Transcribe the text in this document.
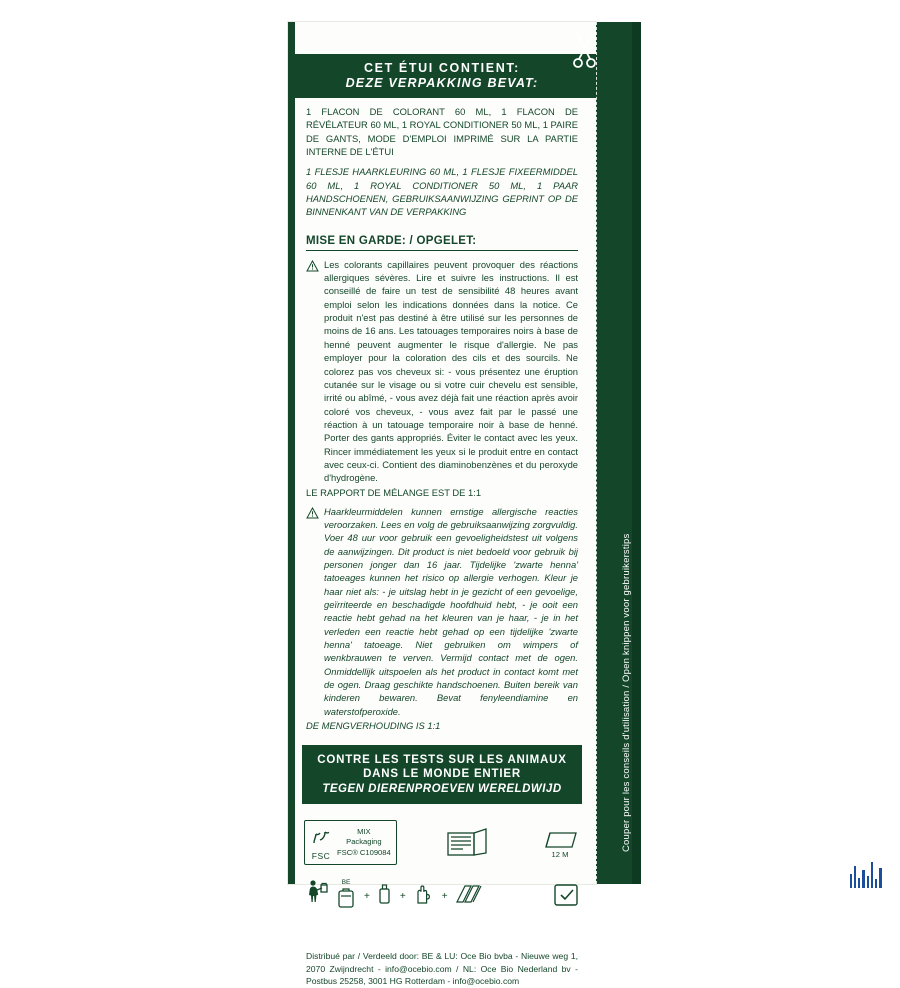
CET ÉTUI CONTIENT:
DEZE VERPAKKING BEVAT:
1 FLACON DE COLORANT 60 ML, 1 FLACON DE RÉVÉLATEUR 60 ML, 1 ROYAL CONDITIONER 50 ML, 1 PAIRE DE GANTS, MODE D'EMPLOI IMPRIMÉ SUR LA PARTIE INTERNE DE L'ÉTUI
1 FLESJE HAARKLEURING 60 ML, 1 FLESJE FIXEERMIDDEL 60 ML, 1 ROYAL CONDITIONER 50 ML, 1 PAAR HANDSCHOENEN, GEBRUIKSAANWIJZING GEPRINT OP DE BINNENKANT VAN DE VERPAKKING
MISE EN GARDE: / OPGELET:
Les colorants capillaires peuvent provoquer des réactions allergiques sévères. Lire et suivre les instructions. Il est conseillé de faire un test de sensibilité 48 heures avant emploi selon les indications données dans la notice. Ce produit n'est pas destiné à être utilisé sur les personnes de moins de 16 ans. Les tatouages temporaires noirs à base de henné peuvent augmenter le risque d'allergie. Ne pas employer pour la coloration des cils et des sourcils. Ne colorez pas vos cheveux si: - vous présentez une éruption cutanée sur le visage ou si votre cuir chevelu est sensible, irrité ou abîmé, - vous avez déjà fait une réaction après avoir coloré vos cheveux, - vous avez fait par le passé une réaction à un tatouage temporaire noir à base de henné. Porter des gants appropriés. Éviter le contact avec les yeux. Rincer immédiatement les yeux si le produit entre en contact avec ceux-ci. Contient des diaminobenzènes et du peroxyde d'hydrogène.
LE RAPPORT DE MÉLANGE EST DE 1:1
Haarkleurmiddelen kunnen ernstige allergische reacties veroorzaken. Lees en volg de gebruiksaanwijzing zorgvuldig. Voer 48 uur voor gebruik een gevoeligheidstest uit volgens de aanwijzingen. Dit product is niet bedoeld voor gebruik bij personen jonger dan 16 jaar. Tijdelijke 'zwarte henna' tatoeages kunnen het risico op allergie verhogen. Kleur je haar niet als: - je uitslag hebt in je gezicht of een gevoelige, geïrriteerde en beschadigde hoofdhuid hebt, - je ooit een reactie hebt gehad na het kleuren van je haar, - je in het verleden een reactie hebt gehad op een tijdelijke 'zwarte henna' tatoeage. Niet gebruiken om wimpers of wenkbrauwen te verven. Vermijd contact met de ogen. Onmiddellijk uitspoelen als het product in contact komt met de ogen. Draag geschikte handschoenen. Buiten bereik van kinderen bewaren. Bevat fenyleendiamine en waterstofperoxide.
DE MENGVERHOUDING IS 1:1
CONTRE LES TESTS SUR LES ANIMAUX
DANS LE MONDE ENTIER
TEGEN DIERENPROEVEN WERELDWIJD
FSC
MIX
Packaging
FSC® C109084	12 M
BE
+	+	+
Distribué par / Verdeeld door: BE & LU: Oce Bio bvba - Nieuwe weg 1, 2070 Zwijndrecht - info@ocebio.com / NL: Oce Bio Nederland bv - Postbus 25258, 3001 HG Rotterdam - info@ocebio.com
Couper pour les conseils d'utilisation / Open knippen voor gebruikerstips
